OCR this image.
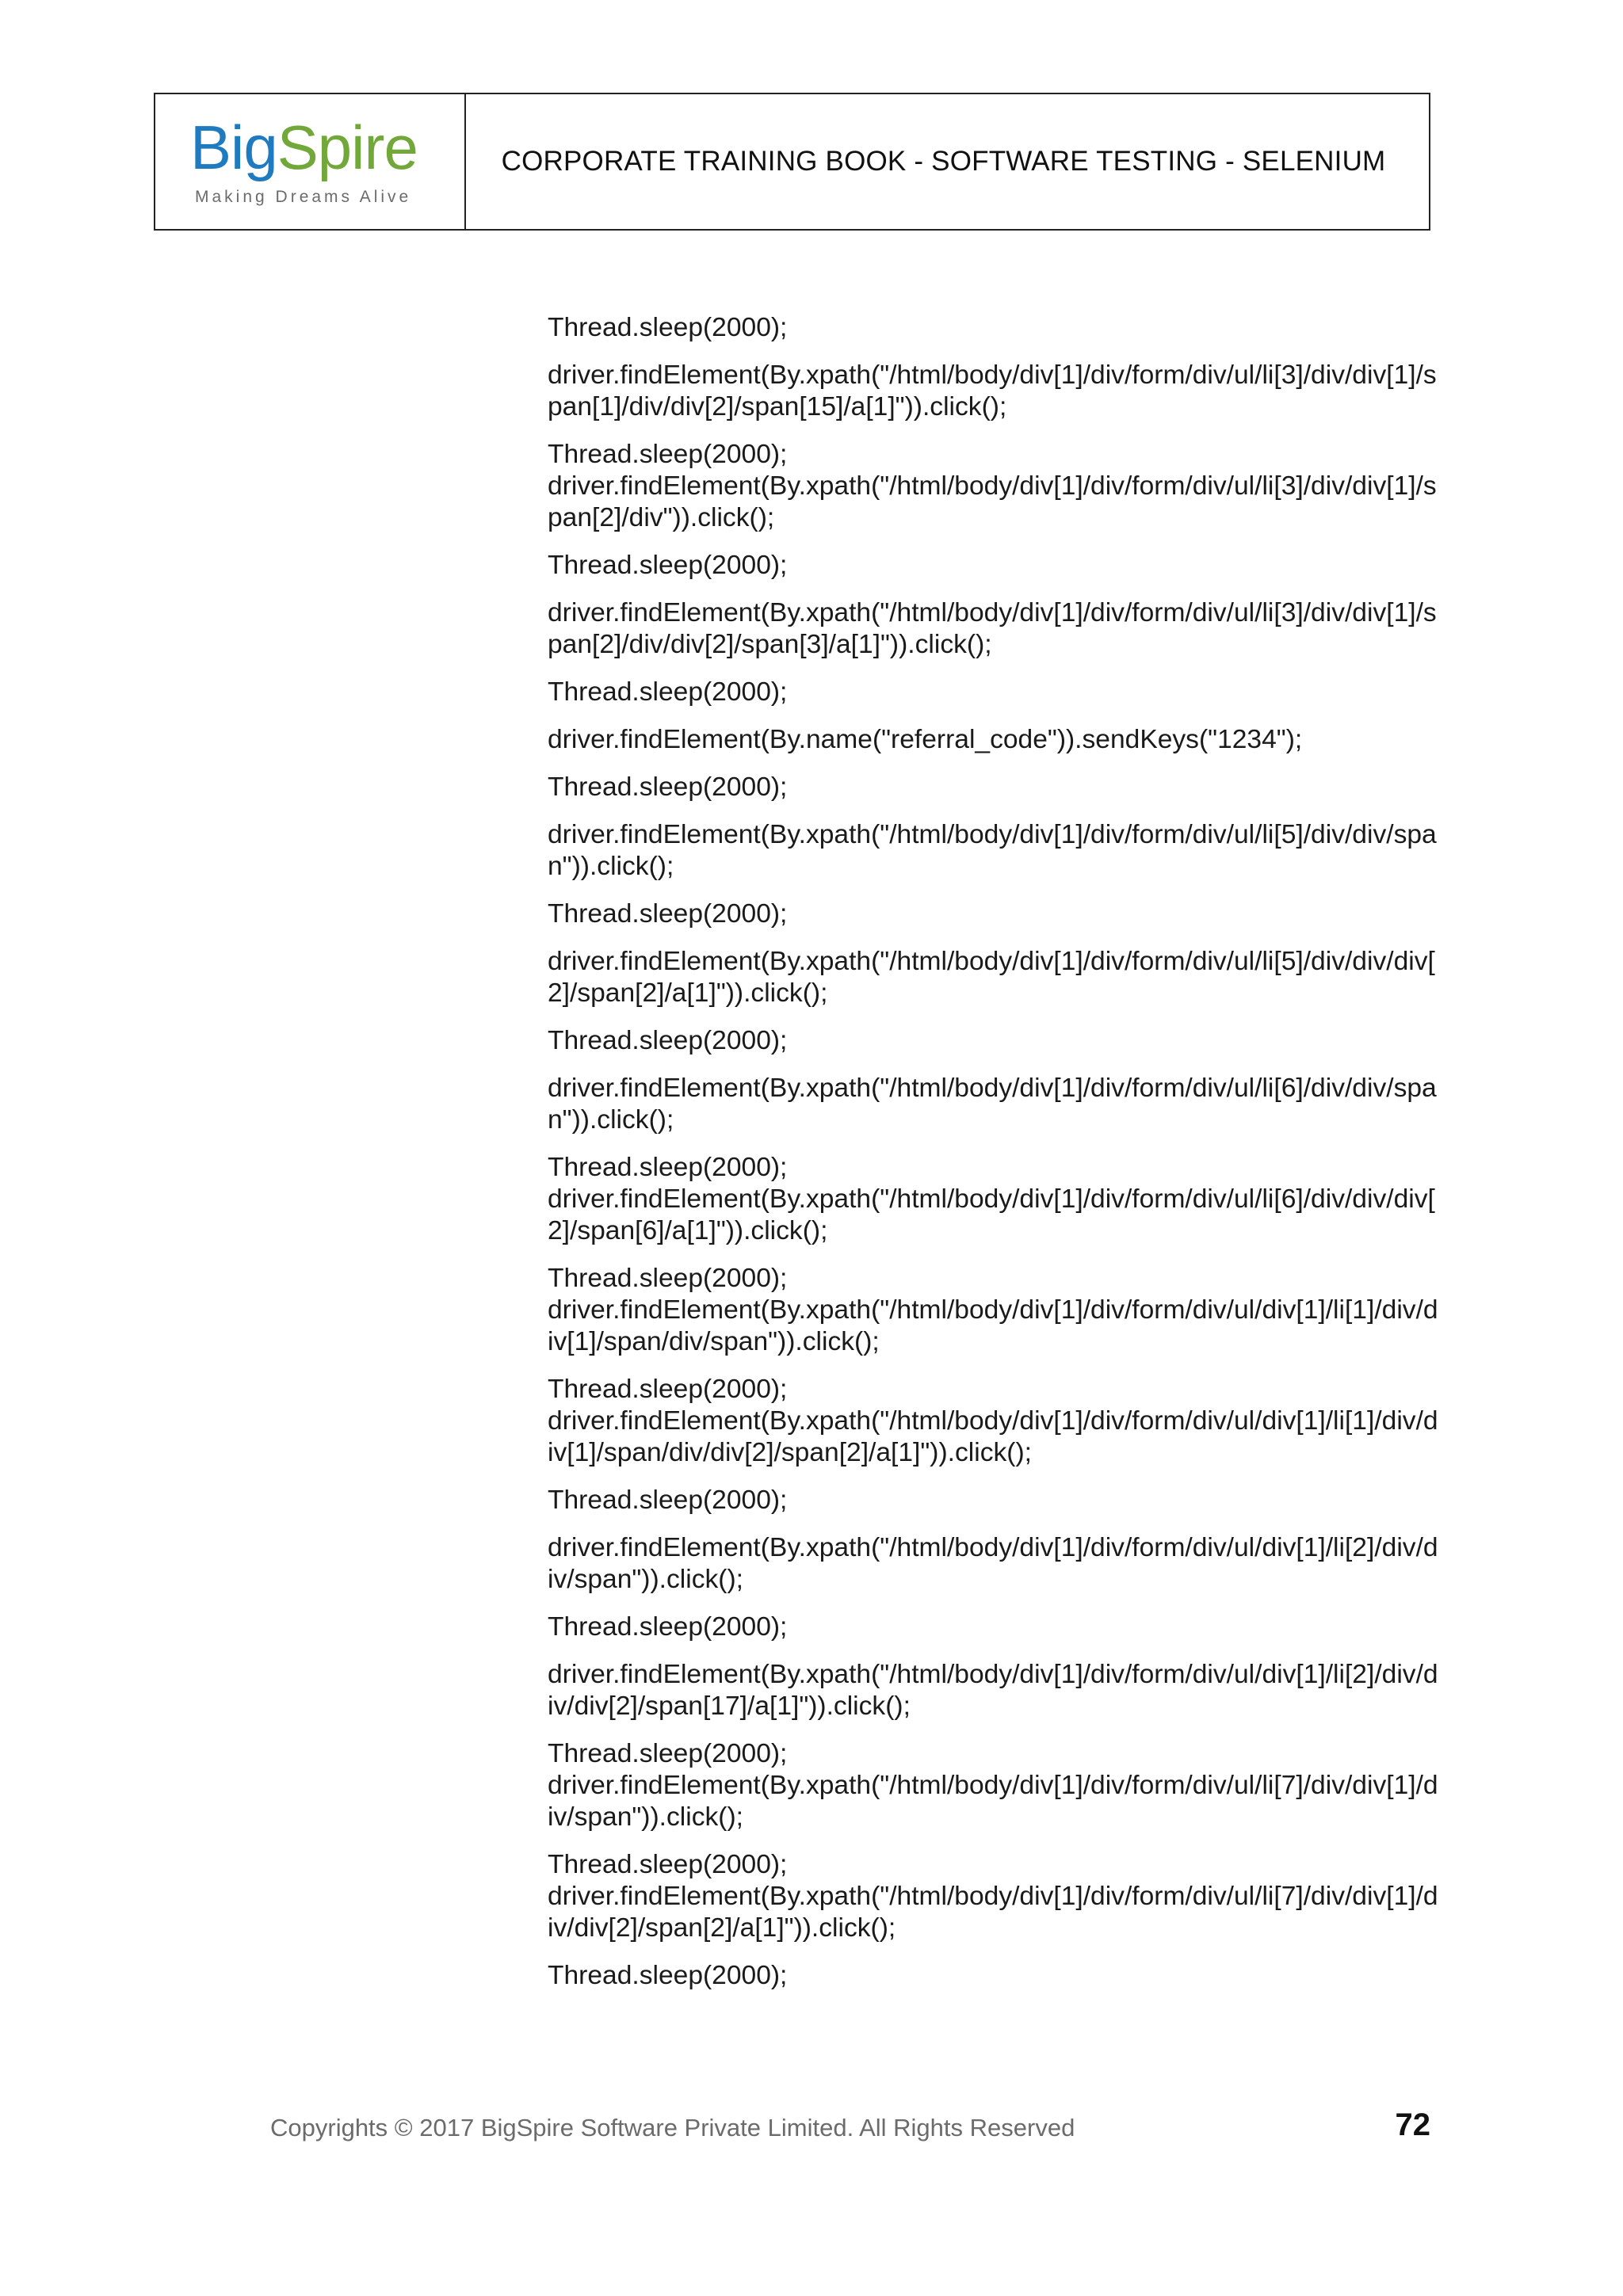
BigSpire
Making Dreams Alive
CORPORATE TRAINING BOOK - SOFTWARE TESTING - SELENIUM

Thread.sleep(2000);

driver.findElement(By.xpath("/html/body/div[1]/div/form/div/ul/li[3]/div/div[1]/s
pan[1]/div/div[2]/span[15]/a[1]")).click();

Thread.sleep(2000);
driver.findElement(By.xpath("/html/body/div[1]/div/form/div/ul/li[3]/div/div[1]/s
pan[2]/div")).click();

Thread.sleep(2000);

driver.findElement(By.xpath("/html/body/div[1]/div/form/div/ul/li[3]/div/div[1]/s
pan[2]/div/div[2]/span[3]/a[1]")).click();

Thread.sleep(2000);

driver.findElement(By.name("referral_code")).sendKeys("1234");

Thread.sleep(2000);

driver.findElement(By.xpath("/html/body/div[1]/div/form/div/ul/li[5]/div/div/spa
n")).click();

Thread.sleep(2000);

driver.findElement(By.xpath("/html/body/div[1]/div/form/div/ul/li[5]/div/div/div[
2]/span[2]/a[1]")).click();

Thread.sleep(2000);

driver.findElement(By.xpath("/html/body/div[1]/div/form/div/ul/li[6]/div/div/spa
n")).click();

Thread.sleep(2000);
driver.findElement(By.xpath("/html/body/div[1]/div/form/div/ul/li[6]/div/div/div[
2]/span[6]/a[1]")).click();

Thread.sleep(2000);
driver.findElement(By.xpath("/html/body/div[1]/div/form/div/ul/div[1]/li[1]/div/d
iv[1]/span/div/span")).click();

Thread.sleep(2000);
driver.findElement(By.xpath("/html/body/div[1]/div/form/div/ul/div[1]/li[1]/div/d
iv[1]/span/div/div[2]/span[2]/a[1]")).click();

Thread.sleep(2000);

driver.findElement(By.xpath("/html/body/div[1]/div/form/div/ul/div[1]/li[2]/div/d
iv/span")).click();

Thread.sleep(2000);

driver.findElement(By.xpath("/html/body/div[1]/div/form/div/ul/div[1]/li[2]/div/d
iv/div[2]/span[17]/a[1]")).click();

Thread.sleep(2000);
driver.findElement(By.xpath("/html/body/div[1]/div/form/div/ul/li[7]/div/div[1]/d
iv/span")).click();

Thread.sleep(2000);
driver.findElement(By.xpath("/html/body/div[1]/div/form/div/ul/li[7]/div/div[1]/d
iv/div[2]/span[2]/a[1]")).click();

Thread.sleep(2000);

Copyrights © 2017 BigSpire Software Private Limited. All Rights Reserved	72
